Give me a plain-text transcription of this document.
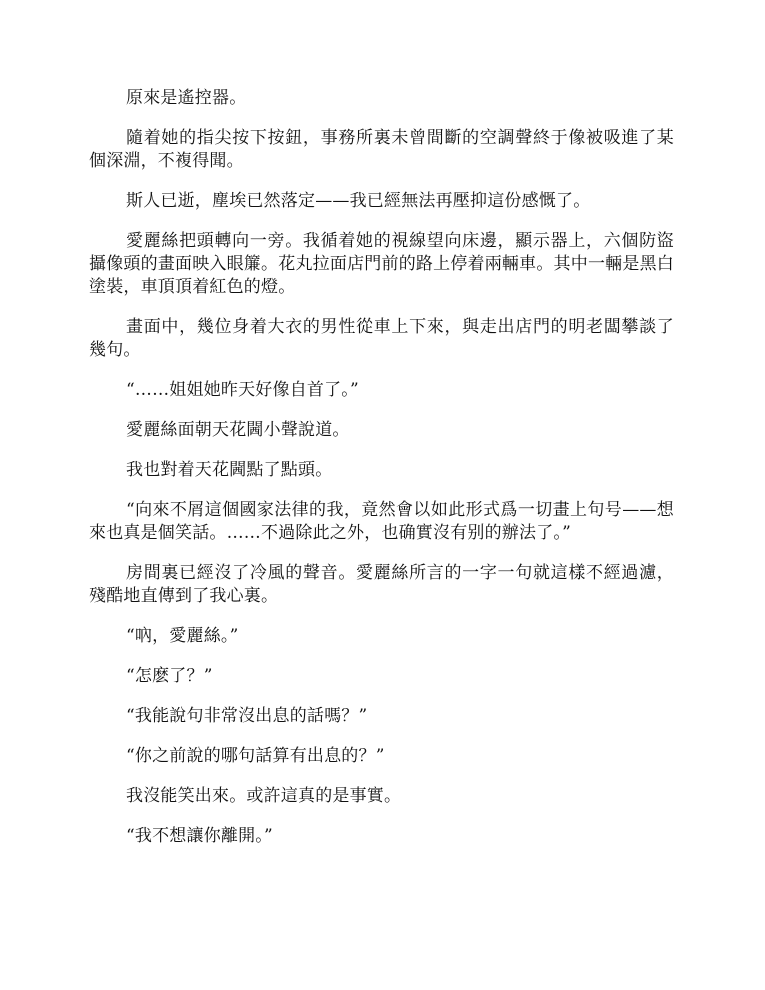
原來是遙控器。

隨着她的指尖按下按鈕，事務所裏未曾間斷的空調聲終于像被吸進了某個深淵，不複得聞。

斯人已逝，塵埃已然落定——我已經無法再壓抑這份感慨了。

愛麗絲把頭轉向一旁。我循着她的視線望向床邊，顯示器上，六個防盜攝像頭的畫面映入眼簾。花丸拉面店門前的路上停着兩輛車。其中一輛是黑白塗裝，車頂頂着紅色的燈。

畫面中，幾位身着大衣的男性從車上下來，與走出店門的明老闆攀談了幾句。

“……姐姐她昨天好像自首了。”

愛麗絲面朝天花閪小聲說道。

我也對着天花閪點了點頭。

“向來不屑這個國家法律的我，竟然會以如此形式爲一切畫上句号——想來也真是個笑話。……不過除此之外，也确實沒有别的辦法了。”

房間裏已經沒了冷風的聲音。愛麗絲所言的一字一句就這樣不經過濾，殘酷地直傳到了我心裏。

“吶，愛麗絲。”

“怎麽了？”

“我能說句非常沒出息的話嗎？”

“你之前說的哪句話算有出息的？”

我沒能笑出來。或許這真的是事實。

“我不想讓你離開。”
